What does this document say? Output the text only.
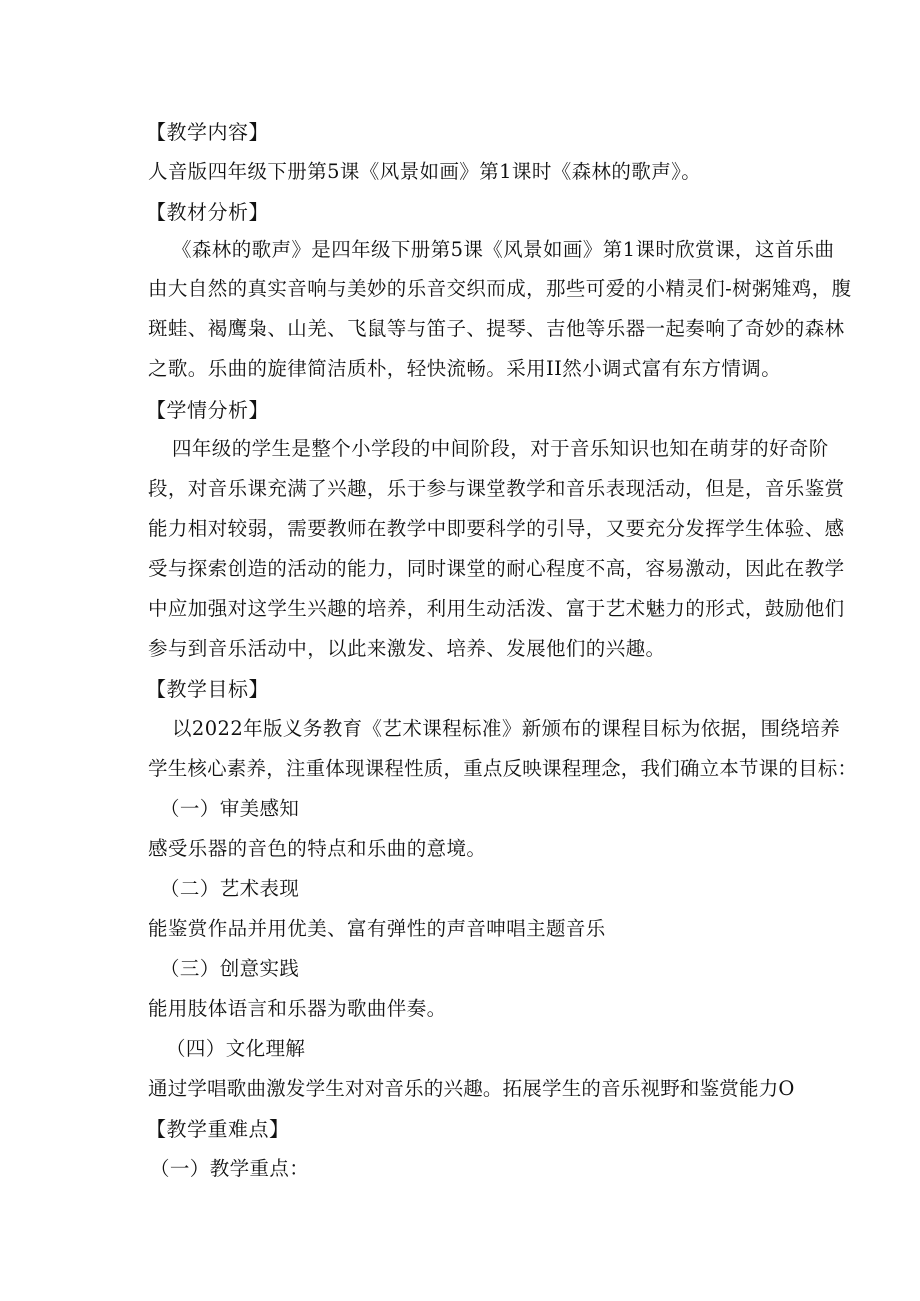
【教学内容】
人音版四年级下册第5课《风景如画》第1课时《森林的歌声》。
【教材分析】
《森林的歌声》是四年级下册第5课《风景如画》第1课时欣赏课，这首乐曲
由大自然的真实音响与美妙的乐音交织而成，那些可爱的小精灵们-树粥雉鸡，腹
斑蛙、褐鹰枭、山羌、飞鼠等与笛子、提琴、吉他等乐器一起奏响了奇妙的森林
之歌。乐曲的旋律简洁质朴，轻快流畅。采用II然小调式富有东方情调。
【学情分析】
四年级的学生是整个小学段的中间阶段，对于音乐知识也知在萌芽的好奇阶
段，对音乐课充满了兴趣，乐于参与课堂教学和音乐表现活动，但是，音乐鉴赏
能力相对较弱，需要教师在教学中即要科学的引导，又要充分发挥学生体验、感
受与探索创造的活动的能力，同时课堂的耐心程度不高，容易激动，因此在教学
中应加强对这学生兴趣的培养，利用生动活泼、富于艺术魅力的形式，鼓励他们
参与到音乐活动中，以此来激发、培养、发展他们的兴趣。
【教学目标】
以2022年版义务教育《艺术课程标准》新颁布的课程目标为依据，围绕培养
学生核心素养，注重体现课程性质，重点反映课程理念，我们确立本节课的目标：
（一）审美感知
感受乐器的音色的特点和乐曲的意境。
（二）艺术表现
能鉴赏作品并用优美、富有弹性的声音呻唱主题音乐
（三）创意实践
能用肢体语言和乐器为歌曲伴奏。
（四）文化理解
通过学唱歌曲激发学生对对音乐的兴趣。拓展学生的音乐视野和鉴赏能力O
【教学重难点】
（一）教学重点：
